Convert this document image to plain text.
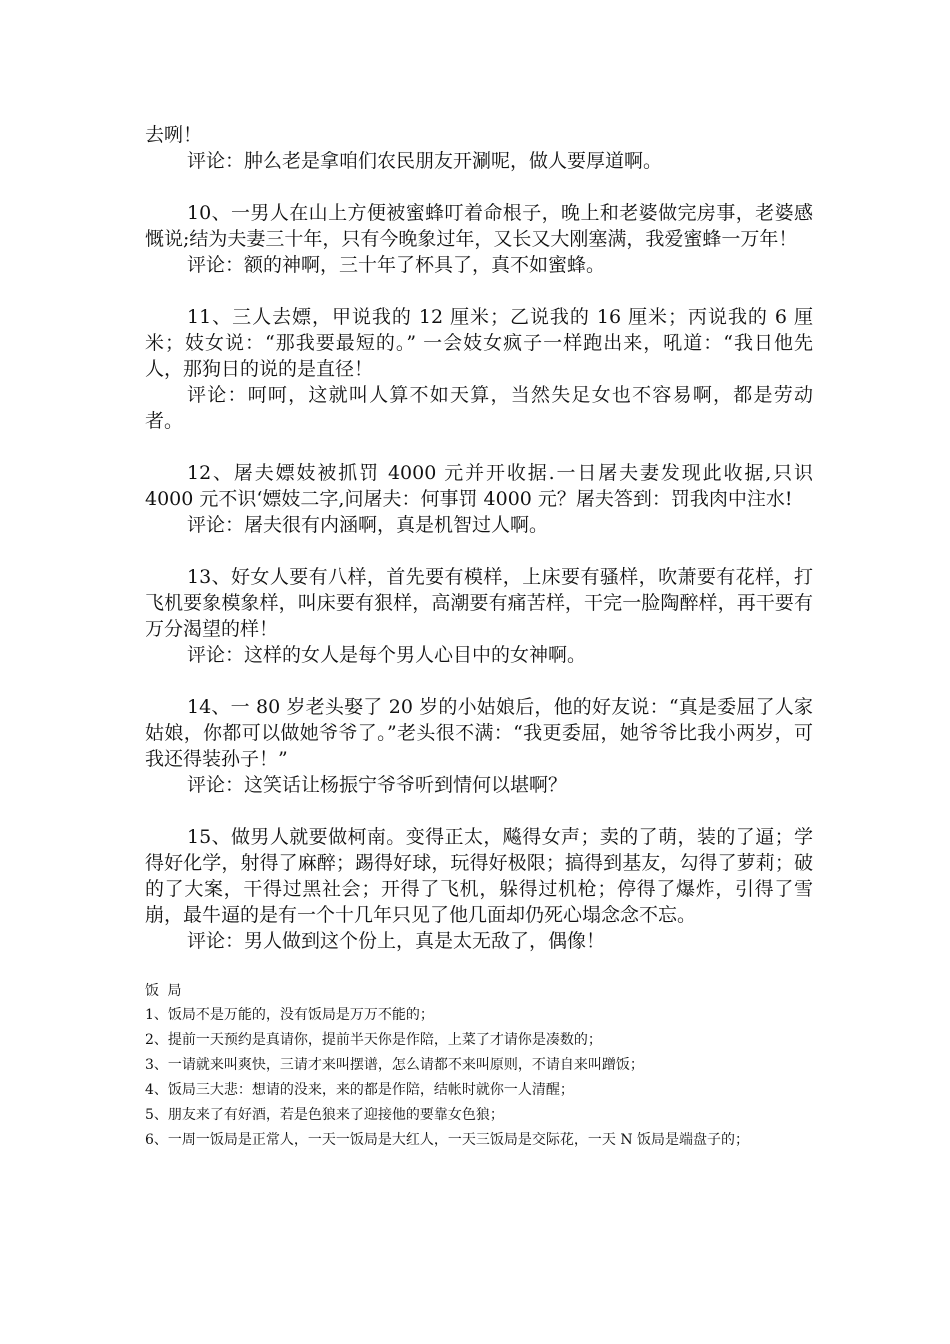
去咧！

评论：肿么老是拿咱们农民朋友开涮呢，做人要厚道啊。

10、一男人在山上方便被蜜蜂叮着命根子，晚上和老婆做完房事，老婆感慨说;结为夫妻三十年，只有今晚象过年，又长又大刚塞满，我爱蜜蜂一万年！

评论：额的神啊，三十年了杯具了，真不如蜜蜂。

11、三人去嫖，甲说我的 12 厘米；乙说我的 16 厘米；丙说我的 6 厘米；妓女说：“那我要最短的。” 一会妓女疯子一样跑出来，吼道：“我日他先人，那狗日的说的是直径！

评论：呵呵，这就叫人算不如天算，当然失足女也不容易啊，都是劳动者。

12、屠夫嫖妓被抓罚 4000 元并开收据.一日屠夫妻发现此收据,只识 4000 元不识‘嫖妓二字,问屠夫：何事罚 4000 元？屠夫答到：罚我肉中注水!

评论：屠夫很有内涵啊，真是机智过人啊。

13、好女人要有八样，首先要有模样，上床要有骚样，吹萧要有花样，打飞机要象模象样，叫床要有狠样，高潮要有痛苦样，干完一脸陶醉样，再干要有万分渴望的样！

评论：这样的女人是每个男人心目中的女神啊。

14、一 80 岁老头娶了 20 岁的小姑娘后，他的好友说：“真是委屈了人家姑娘，你都可以做她爷爷了。”老头很不满：“我更委屈，她爷爷比我小两岁，可我还得装孙子！”

评论：这笑话让杨振宁爷爷听到情何以堪啊？

15、做男人就要做柯南。变得正太，飚得女声；卖的了萌，装的了逼；学得好化学，射得了麻醉；踢得好球，玩得好极限；搞得到基友，勾得了萝莉；破的了大案，干得过黑社会；开得了飞机，躲得过机枪；停得了爆炸，引得了雪崩，最牛逼的是有一个十几年只见了他几面却仍死心塌念念不忘。

评论：男人做到这个份上，真是太无敌了，偶像！

饭 局
1、饭局不是万能的，没有饭局是万万不能的；
2、提前一天预约是真请你，提前半天你是作陪，上菜了才请你是凑数的；
3、一请就来叫爽快，三请才来叫摆谱，怎么请都不来叫原则，不请自来叫蹭饭；
4、饭局三大悲：想请的没来，来的都是作陪，结帐时就你一人清醒；
5、朋友来了有好酒，若是色狼来了迎接他的要靠女色狼；
6、一周一饭局是正常人，一天一饭局是大红人，一天三饭局是交际花，一天 N 饭局是端盘子的；
